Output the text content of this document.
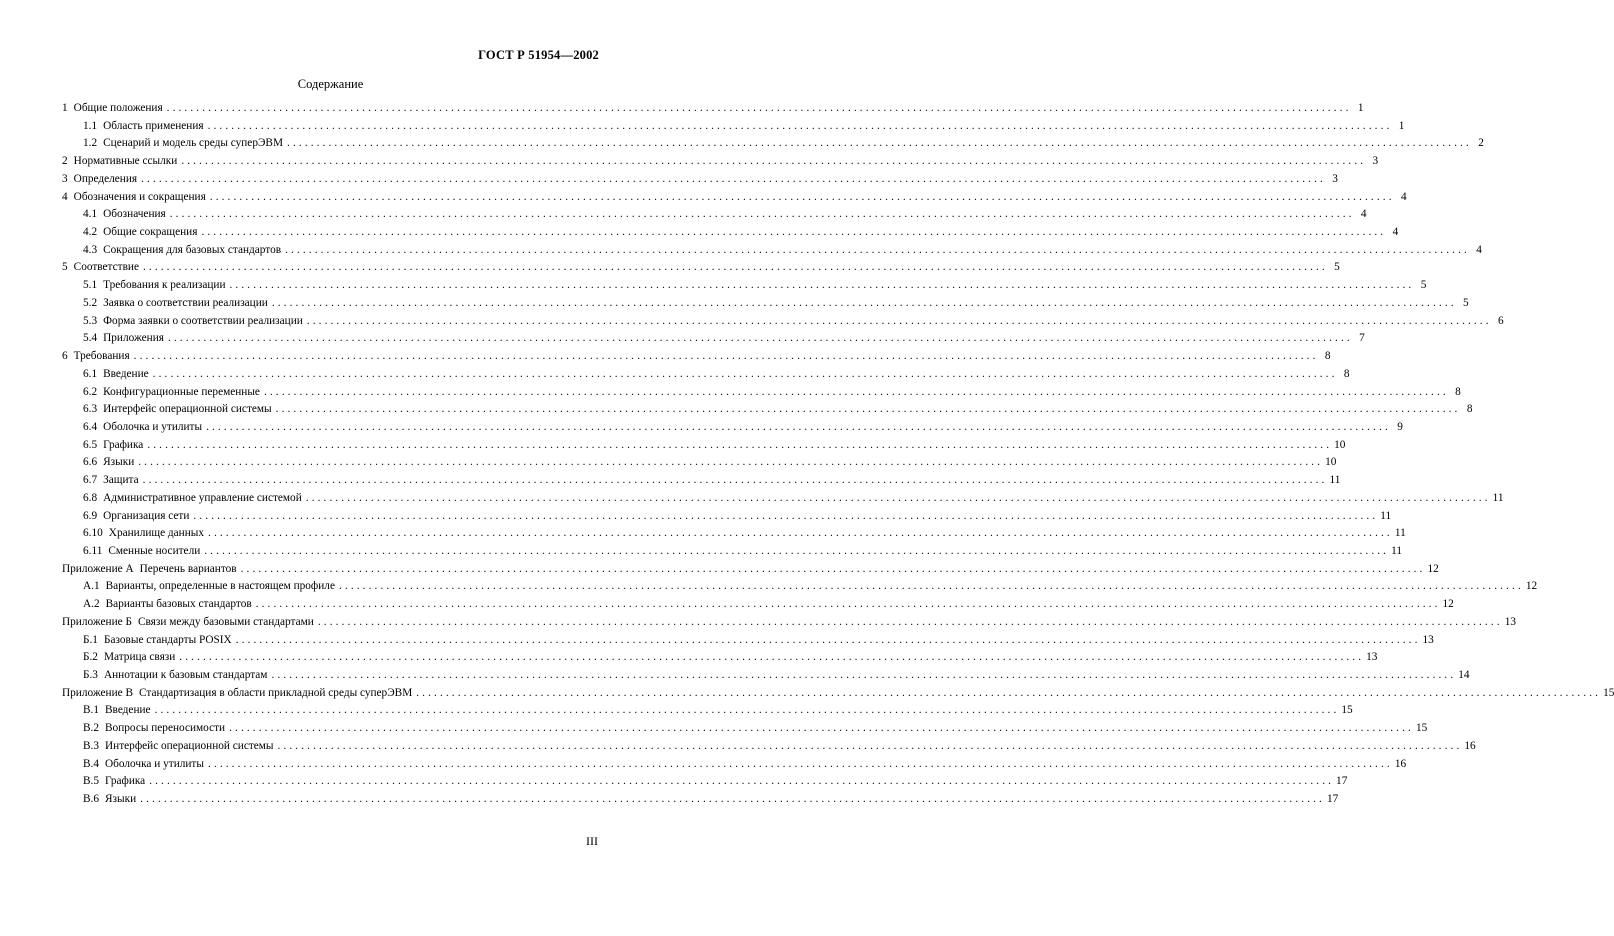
ГОСТ Р 51954—2002
Содержание
1 Общие положения ........................................................................................................................................................................................................ 1
1.1 Область применения ........................................................................................................................................................................................................ 1
1.2 Сценарий и модель среды суперЭВМ ........................................................................................................................................................................................................ 2
2 Нормативные ссылки ........................................................................................................................................................................................................ 3
3 Определения ........................................................................................................................................................................................................ 3
4 Обозначения и сокращения ........................................................................................................................................................................................................ 4
4.1 Обозначения ........................................................................................................................................................................................................ 4
4.2 Общие сокращения ........................................................................................................................................................................................................ 4
4.3 Сокращения для базовых стандартов ........................................................................................................................................................................................................ 4
5 Соответствие ........................................................................................................................................................................................................ 5
5.1 Требования к реализации ........................................................................................................................................................................................................ 5
5.2 Заявка о соответствии реализации ........................................................................................................................................................................................................ 5
5.3 Форма заявки о соответствии реализации ........................................................................................................................................................................................................ 6
5.4 Приложения ........................................................................................................................................................................................................ 7
6 Требования ........................................................................................................................................................................................................ 8
6.1 Введение ........................................................................................................................................................................................................ 8
6.2 Конфигурационные переменные ........................................................................................................................................................................................................ 8
6.3 Интерфейс операционной системы ........................................................................................................................................................................................................ 8
6.4 Оболочка и утилиты ........................................................................................................................................................................................................ 9
6.5 Графика ........................................................................................................................................................................................................ 10
6.6 Языки ........................................................................................................................................................................................................ 10
6.7 Защита ........................................................................................................................................................................................................ 11
6.8 Административное управление системой ........................................................................................................................................................................................................ 11
6.9 Организация сети ........................................................................................................................................................................................................ 11
6.10 Хранилище данных ........................................................................................................................................................................................................ 11
6.11 Сменные носители ........................................................................................................................................................................................................ 11
Приложение А Перечень вариантов ........................................................................................................................................................................................................ 12
А.1 Варианты, определенные в настоящем профиле ........................................................................................................................................................................................................ 12
А.2 Варианты базовых стандартов ........................................................................................................................................................................................................ 12
Приложение Б Связи между базовыми стандартами ........................................................................................................................................................................................................ 13
Б.1 Базовые стандарты POSIX ........................................................................................................................................................................................................ 13
Б.2 Матрица связи ........................................................................................................................................................................................................ 13
Б.3 Аннотации к базовым стандартам ........................................................................................................................................................................................................ 14
Приложение В Стандартизация в области прикладной среды суперЭВМ ........................................................................................................................................................................................................ 15
В.1 Введение ........................................................................................................................................................................................................ 15
В.2 Вопросы переносимости ........................................................................................................................................................................................................ 15
В.3 Интерфейс операционной системы ........................................................................................................................................................................................................ 16
В.4 Оболочка и утилиты ........................................................................................................................................................................................................ 16
В.5 Графика ........................................................................................................................................................................................................ 17
В.6 Языки ........................................................................................................................................................................................................ 17
III
